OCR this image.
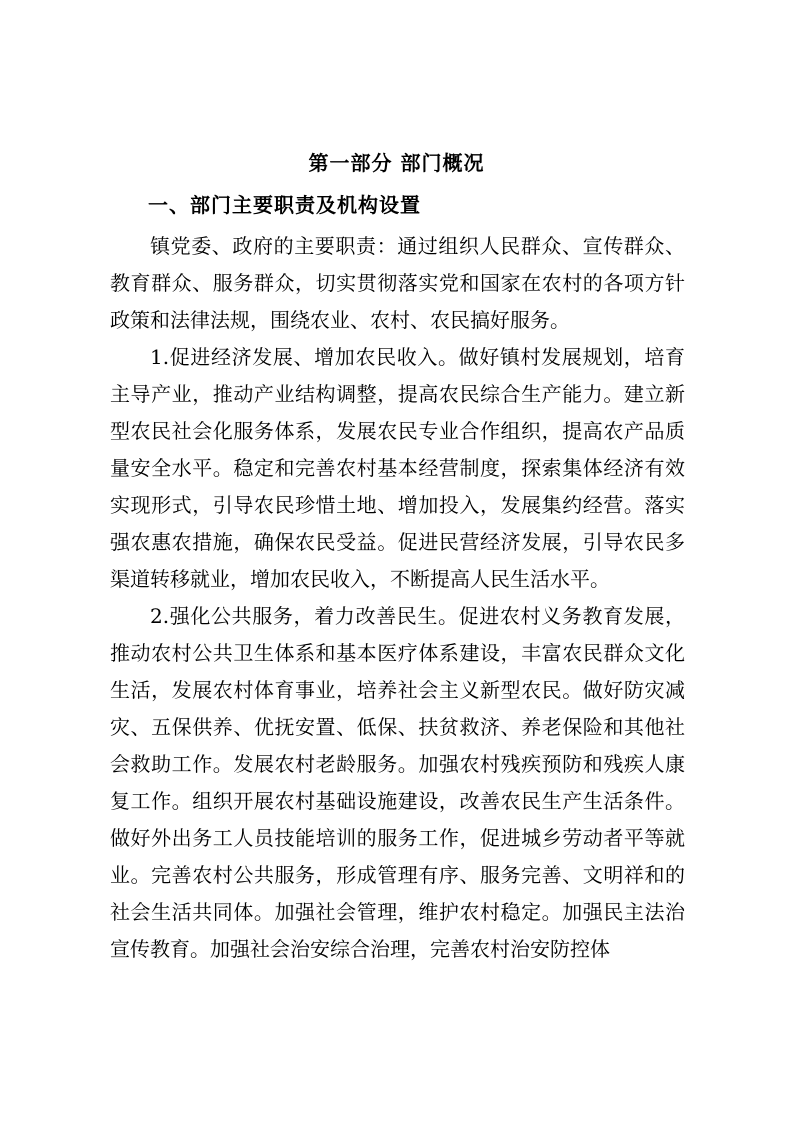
第一部分 部门概况
一、部门主要职责及机构设置

镇党委、政府的主要职责：通过组织人民群众、宣传群众、教育群众、服务群众，切实贯彻落实党和国家在农村的各项方针政策和法律法规，围绕农业、农村、农民搞好服务。

1.促进经济发展、增加农民收入。做好镇村发展规划，培育主导产业，推动产业结构调整，提高农民综合生产能力。建立新型农民社会化服务体系，发展农民专业合作组织，提高农产品质量安全水平。稳定和完善农村基本经营制度，探索集体经济有效实现形式，引导农民珍惜土地、增加投入，发展集约经营。落实强农惠农措施，确保农民受益。促进民营经济发展，引导农民多渠道转移就业，增加农民收入，不断提高人民生活水平。

2.强化公共服务，着力改善民生。促进农村义务教育发展，推动农村公共卫生体系和基本医疗体系建设，丰富农民群众文化生活，发展农村体育事业，培养社会主义新型农民。做好防灾减灾、五保供养、优抚安置、低保、扶贫救济、养老保险和其他社会救助工作。发展农村老龄服务。加强农村残疾预防和残疾人康复工作。组织开展农村基础设施建设，改善农民生产生活条件。做好外出务工人员技能培训的服务工作，促进城乡劳动者平等就业。完善农村公共服务，形成管理有序、服务完善、文明祥和的社会生活共同体。加强社会管理，维护农村稳定。加强民主法治宣传教育。加强社会治安综合治理，完善农村治安防控体
